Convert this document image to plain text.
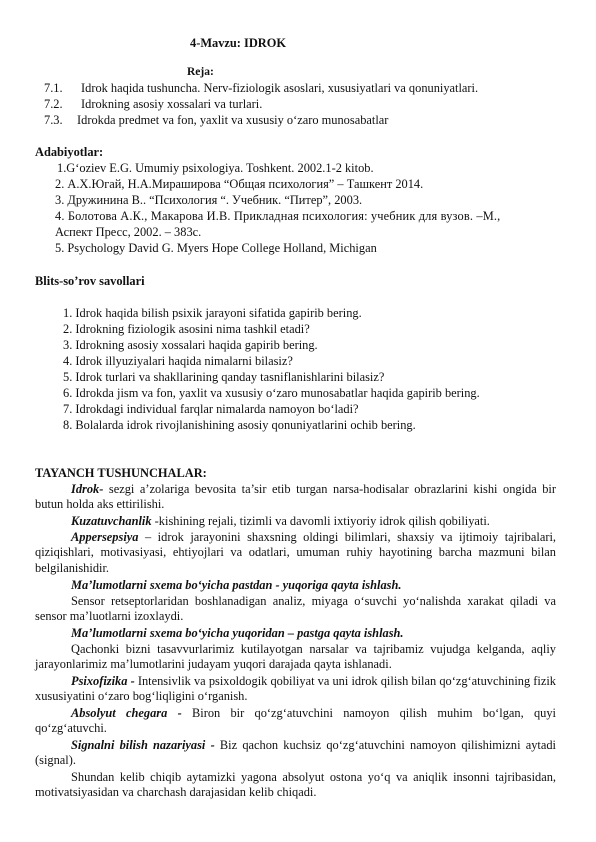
4-Mavzu: IDROK
Reja:
7.1. Idrok haqida tushuncha. Nerv-fiziologik asoslari, xususiyatlari va qonuniyatlari.
7.2. Idrokning asosiy xossalari va turlari.
7.3. Idrokda predmet va fon, yaxlit va xususiy o‘zaro munosabatlar
Adabiyotlar:
1.G‘oziev E.G. Umumiy psixologiya. Toshkent. 2002.1-2 kitob.
2. А.Х.Югай, Н.А.Мираширова “Общая психология” – Ташкент 2014.
3. Дружинина В.. “Психология “. Учебник. “Питер”, 2003.
4. Болотова А.К., Макарова И.В. Прикладная психология: учебник для вузов. –М.,
Аспект Пресс, 2002. – 383с.
5. Psychology David G. Myers Hope College Holland, Michigan
Blits-so’rov savollari
1. Idrok haqida bilish psixik jarayoni sifatida gapirib bering.
2. Idrokning fiziologik asosini nima tashkil etadi?
3. Idrokning asosiy xossalari haqida gapirib bering.
4. Idrok illyuziyalari haqida nimalarni bilasiz?
5. Idrok turlari va shakllarining qanday tasniflanishlarini bilasiz?
6. Idrokda jism va fon, yaxlit va xususiy o‘zaro munosabatlar haqida gapirib bering.
7. Idrokdagi individual farqlar nimalarda namoyon bo‘ladi?
8. Bolalarda idrok rivojlanishining asosiy qonuniyatlarini ochib bering.
TAYANCH TUSHUNCHALAR:

Idrok- sezgi a’zolariga bevosita ta’sir etib turgan narsa-hodisalar obrazlarini kishi ongida bir butun holda aks ettirilishi.

Kuzatuvchanlik -kishining rejali, tizimli va davomli ixtiyoriy idrok qilish qobiliyati.

Appersepsiya – idrok jarayonini shaxsning oldingi bilimlari, shaxsiy va ijtimoiy tajribalari, qiziqishlari, motivasiyasi, ehtiyojlari va odatlari, umuman ruhiy hayotining barcha mazmuni bilan belgilanishidir.

Ma’lumotlarni sxema bo‘yicha pastdan - yuqoriga qayta ishlash.

Sensor retseptorlaridan boshlanadigan analiz, miyaga o‘suvchi yo‘nalishda xarakat qiladi va sensor ma’luotlarni izoxlaydi.

Ma’lumotlarni sxema bo‘yicha yuqoridan – pastga qayta ishlash.

Qachonki bizni tasavvurlarimiz kutilayotgan narsalar va tajribamiz vujudga kelganda, aqliy jarayonlarimiz ma’lumotlarini judayam yuqori darajada qayta ishlanadi.

Psixofizika - Intensivlik va psixoldogik qobiliyat va uni idrok qilish bilan qo‘zg‘atuvchining fizik xususiyatini o‘zaro bog‘liqligini o‘rganish.

Absolyut chegara - Biron bir qo‘zg‘atuvchini namoyon qilish muhim bo‘lgan, quyi qo‘zg‘atuvchi.

Signalni bilish nazariyasi - Biz qachon kuchsiz qo‘zg‘atuvchini namoyon qilishimizni aytadi (signal).

Shundan kelib chiqib aytamizki yagona absolyut ostona yo‘q va aniqlik insonni tajribasidan, motivatsiyasidan va charchash darajasidan kelib chiqadi.
